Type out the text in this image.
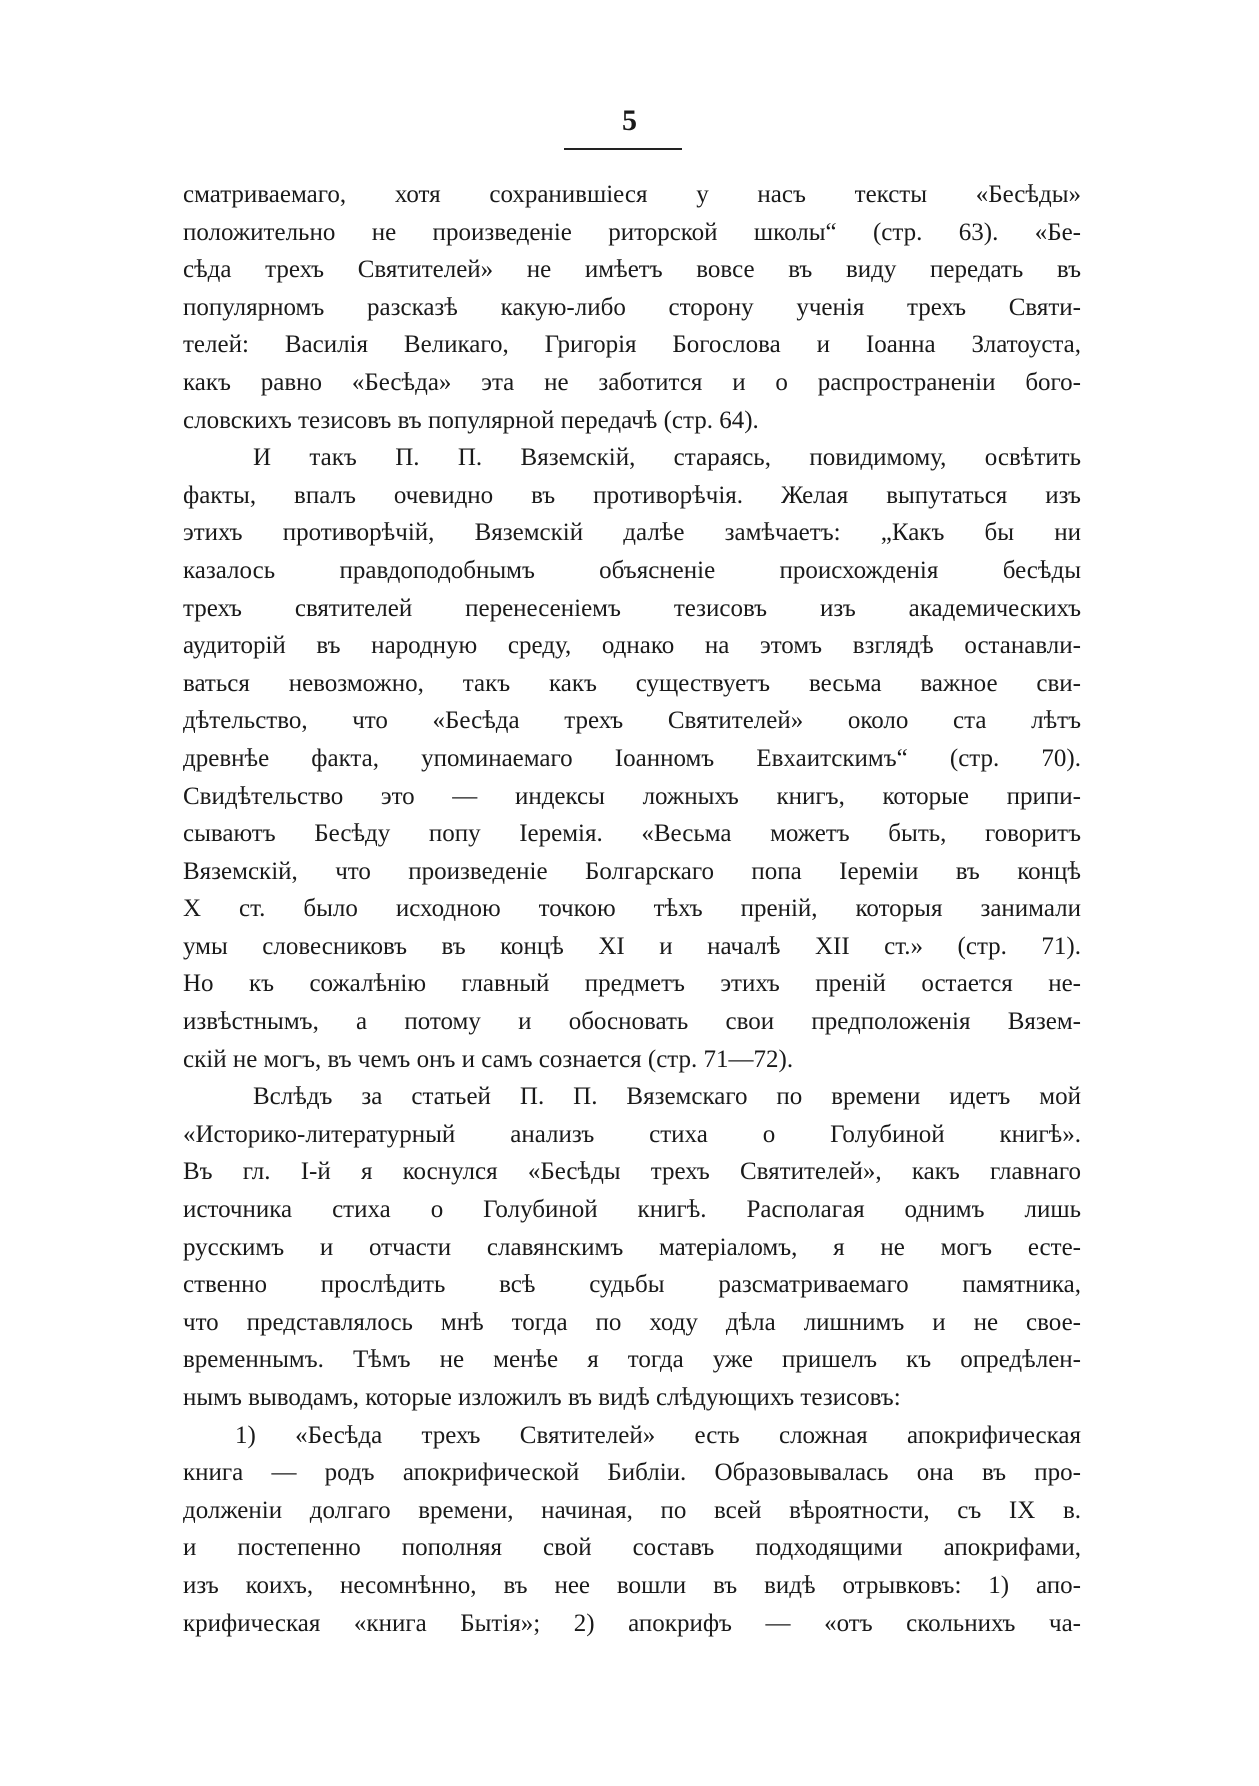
5
сматриваемаго, хотя сохранившіеся у насъ тексты «Бесѣды»
положительно не произведеніе риторской школы“ (стр. 63). «Бе-
сѣда трехъ Святителей» не имѣетъ вовсе въ виду передать въ
популярномъ разсказѣ какую-либо сторону ученія трехъ Святи-
телей: Василія Великаго, Григорія Богослова и Іоанна Златоуста,
какъ равно «Бесѣда» эта не заботится и о распространеніи бого-
словскихъ тезисовъ въ популярной передачѣ (стр. 64).
И такъ П. П. Вяземскій, стараясь, повидимому, освѣтить
факты, впалъ очевидно въ противорѣчія. Желая выпутаться изъ
этихъ противорѣчій, Вяземскій далѣе замѣчаетъ: „Какъ бы ни
казалось правдоподобнымъ объясненіе происхожденія бесѣды
трехъ святителей перенесеніемъ тезисовъ изъ академическихъ
аудиторій въ народную среду, однако на этомъ взглядѣ останавли-
ваться невозможно, такъ какъ существуетъ весьма важное сви-
дѣтельство, что «Бесѣда трехъ Святителей» около ста лѣтъ
древнѣе факта, упоминаемаго Іоанномъ Евхаитскимъ“ (стр. 70).
Свидѣтельство это — индексы ложныхъ книгъ, которые припи-
сываютъ Бесѣду попу Іеремія. «Весьма можетъ быть, говоритъ
Вяземскій, что произведеніе Болгарскаго попа Іереміи въ концѣ
X ст. было исходною точкою тѣхъ преній, которыя занимали
умы словесниковъ въ концѣ XI и началѣ XII ст.» (стр. 71).
Но къ сожалѣнію главный предметъ этихъ преній остается не-
извѣстнымъ, а потому и обосновать свои предположенія Вязем-
скій не могъ, въ чемъ онъ и самъ сознается (стр. 71—72).
Вслѣдъ за статьей П. П. Вяземскаго по времени идетъ мой
«Историко-литературный анализъ стиха о Голубиной книгѣ».
Въ гл. I-й я коснулся «Бесѣды трехъ Святителей», какъ главнаго
источника стиха о Голубиной книгѣ. Располагая однимъ лишь
русскимъ и отчасти славянскимъ матеріаломъ, я не могъ есте-
ственно прослѣдить всѣ судьбы разсматриваемаго памятника,
что представлялось мнѣ тогда по ходу дѣла лишнимъ и не свое-
временнымъ. Тѣмъ не менѣе я тогда уже пришелъ къ опредѣлен-
нымъ выводамъ, которые изложилъ въ видѣ слѣдующихъ тезисовъ:
1) «Бесѣда трехъ Святителей» есть сложная апокрифическая
книга — родъ апокрифической Библіи. Образовывалась она въ про-
долженіи долгаго времени, начиная, по всей вѣроятности, съ IX в.
и постепенно пополняя свой составъ подходящими апокрифами,
изъ коихъ, несомнѣнно, въ нее вошли въ видѣ отрывковъ: 1) апо-
крифическая «книга Бытія»; 2) апокрифъ — «отъ скольнихъ ча-
